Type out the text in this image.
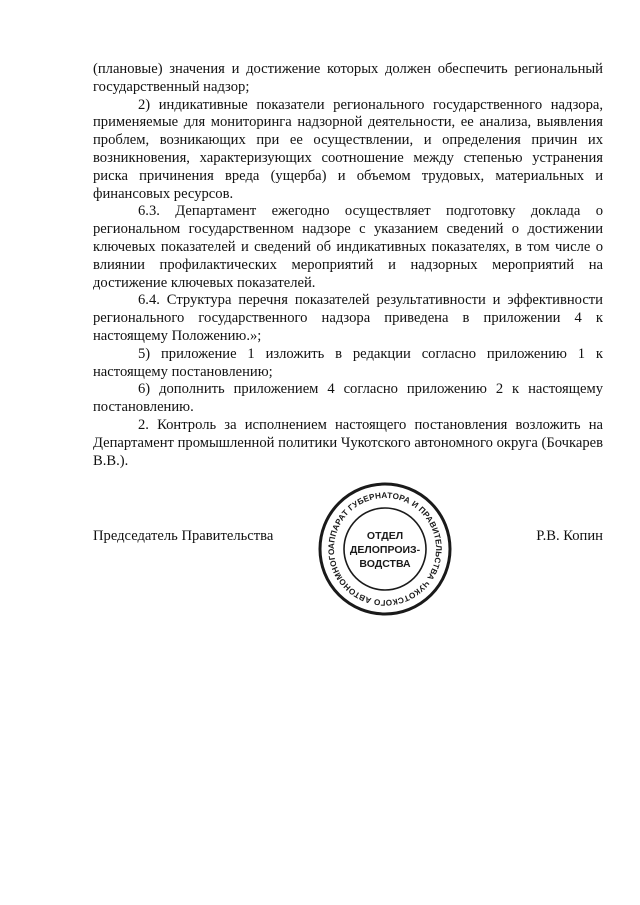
(плановые) значения и достижение которых должен обеспечить региональный государственный надзор;

2) индикативные показатели регионального государственного надзора, применяемые для мониторинга надзорной деятельности, ее анализа, выявления проблем, возникающих при ее осуществлении, и определения причин их возникновения, характеризующих соотношение между степенью устранения риска причинения вреда (ущерба) и объемом трудовых, материальных и финансовых ресурсов.

6.3. Департамент ежегодно осуществляет подготовку доклада о региональном государственном надзоре с указанием сведений о достижении ключевых показателей и сведений об индикативных показателях, в том числе о влиянии профилактических мероприятий и надзорных мероприятий на достижение ключевых показателей.

6.4. Структура перечня показателей результативности и эффективности регионального государственного надзора приведена в приложении 4 к настоящему Положению.»;

5) приложение 1 изложить в редакции согласно приложению 1 к настоящему постановлению;

6) дополнить приложением 4 согласно приложению 2 к настоящему постановлению.

2. Контроль за исполнением настоящего постановления возложить на Департамент промышленной политики Чукотского автономного округа (Бочкарев В.В.).

Председатель Правительства	Р.В. Копин
АППАРАТ ГУБЕРНАТОРА И ПРАВИТЕЛЬСТВА ЧУКОТСКОГО АВТОНОМНОГО
ОТДЕЛ
ДЕЛОПРОИЗ-
ВОДСТВА
